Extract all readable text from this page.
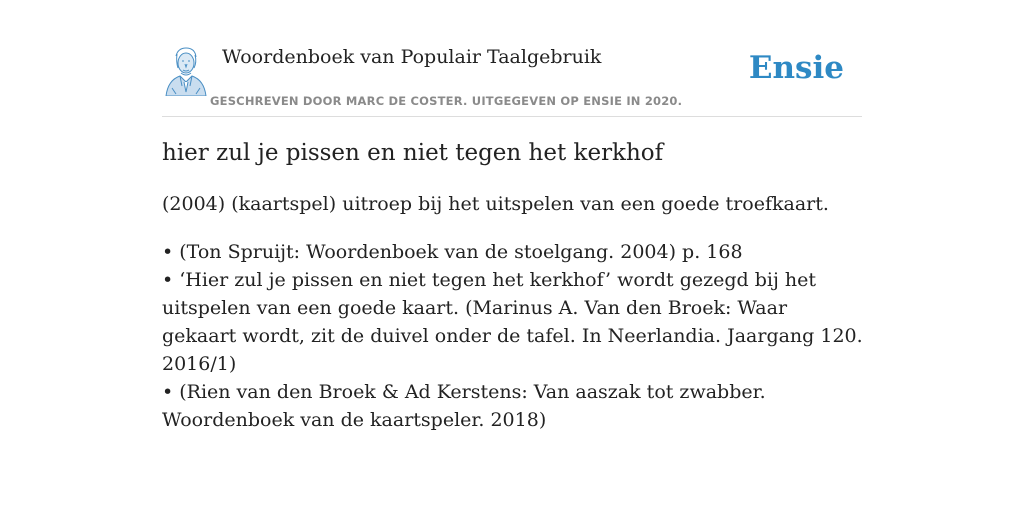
Woordenboek van Populair Taalgebruik
GESCHREVEN DOOR MARC DE COSTER. UITGEGEVEN OP ENSIE IN 2020.
Ensie
hier zul je pissen en niet tegen het kerkhof

(2004) (kaartspel) uitroep bij het uitspelen van een goede troefkaart.

• (Ton Spruijt: Woordenboek van de stoelgang. 2004) p. 168
• ‘Hier zul je pissen en niet tegen het kerkhof’ wordt gezegd bij het uitspelen van een goede kaart. (Marinus A. Van den Broek: Waar gekaart wordt, zit de duivel onder de tafel. In Neerlandia. Jaargang 120. 2016/1)
• (Rien van den Broek & Ad Kerstens: Van aaszak tot zwabber. Woordenboek van de kaartspeler. 2018)
